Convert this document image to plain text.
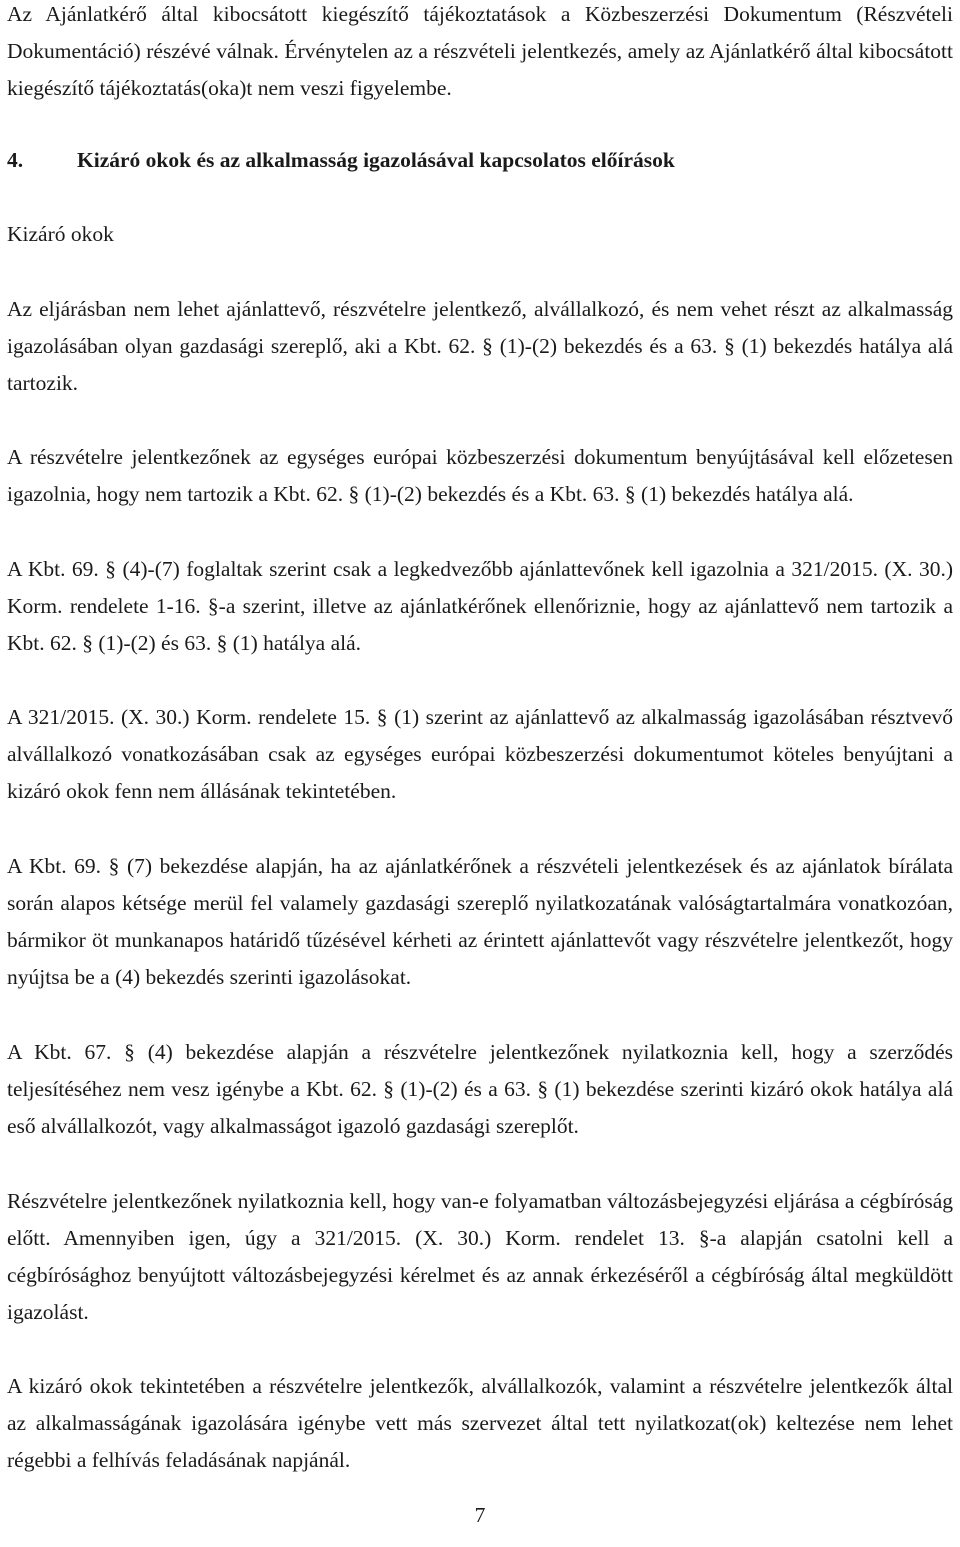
Az Ajánlatkérő által kibocsátott kiegészítő tájékoztatások a Közbeszerzési Dokumentum (Részvételi Dokumentáció) részévé válnak. Érvénytelen az a részvételi jelentkezés, amely az Ajánlatkérő által kibocsátott kiegészítő tájékoztatás(oka)t nem veszi figyelembe.

4.	Kizáró okok és az alkalmasság igazolásával kapcsolatos előírások
Kizáró okok

Az eljárásban nem lehet ajánlattevő, részvételre jelentkező, alvállalkozó, és nem vehet részt az alkalmasság igazolásában olyan gazdasági szereplő, aki a Kbt. 62. § (1)-(2) bekezdés és a 63. § (1) bekezdés hatálya alá tartozik.

A részvételre jelentkezőnek az egységes európai közbeszerzési dokumentum benyújtásával kell előzetesen igazolnia, hogy nem tartozik a Kbt. 62. § (1)-(2) bekezdés és a Kbt. 63. § (1) bekezdés hatálya alá.

A Kbt. 69. § (4)-(7) foglaltak szerint csak a legkedvezőbb ajánlattevőnek kell igazolnia a 321/2015. (X. 30.) Korm. rendelete 1-16. §-a szerint, illetve az ajánlatkérőnek ellenőriznie, hogy az ajánlattevő nem tartozik a Kbt. 62. § (1)-(2) és 63. § (1) hatálya alá.

A 321/2015. (X. 30.) Korm. rendelete 15. § (1) szerint az ajánlattevő az alkalmasság igazolásában résztvevő alvállalkozó vonatkozásában csak az egységes európai közbeszerzési dokumentumot köteles benyújtani a kizáró okok fenn nem állásának tekintetében.

A Kbt. 69. § (7) bekezdése alapján, ha az ajánlatkérőnek a részvételi jelentkezések és az ajánlatok bírálata során alapos kétsége merül fel valamely gazdasági szereplő nyilatkozatának valóságtartalmára vonatkozóan, bármikor öt munkanapos határidő tűzésével kérheti az érintett ajánlattevőt vagy részvételre jelentkezőt, hogy nyújtsa be a (4) bekezdés szerinti igazolásokat.

A Kbt. 67. § (4) bekezdése alapján a részvételre jelentkezőnek nyilatkoznia kell, hogy a szerződés teljesítéséhez nem vesz igénybe a Kbt. 62. § (1)-(2) és a 63. § (1) bekezdése szerinti kizáró okok hatálya alá eső alvállalkozót, vagy alkalmasságot igazoló gazdasági szereplőt.

Részvételre jelentkezőnek nyilatkoznia kell, hogy van-e folyamatban változásbejegyzési eljárása a cégbíróság előtt. Amennyiben igen, úgy a 321/2015. (X. 30.) Korm. rendelet 13. §-a alapján csatolni kell a cégbírósághoz benyújtott változásbejegyzési kérelmet és az annak érkezéséről a cégbíróság által megküldött igazolást.

A kizáró okok tekintetében a részvételre jelentkezők, alvállalkozók, valamint a részvételre jelentkezők által az alkalmasságának igazolására igénybe vett más szervezet által tett nyilatkozat(ok) keltezése nem lehet régebbi a felhívás feladásának napjánál.

7
